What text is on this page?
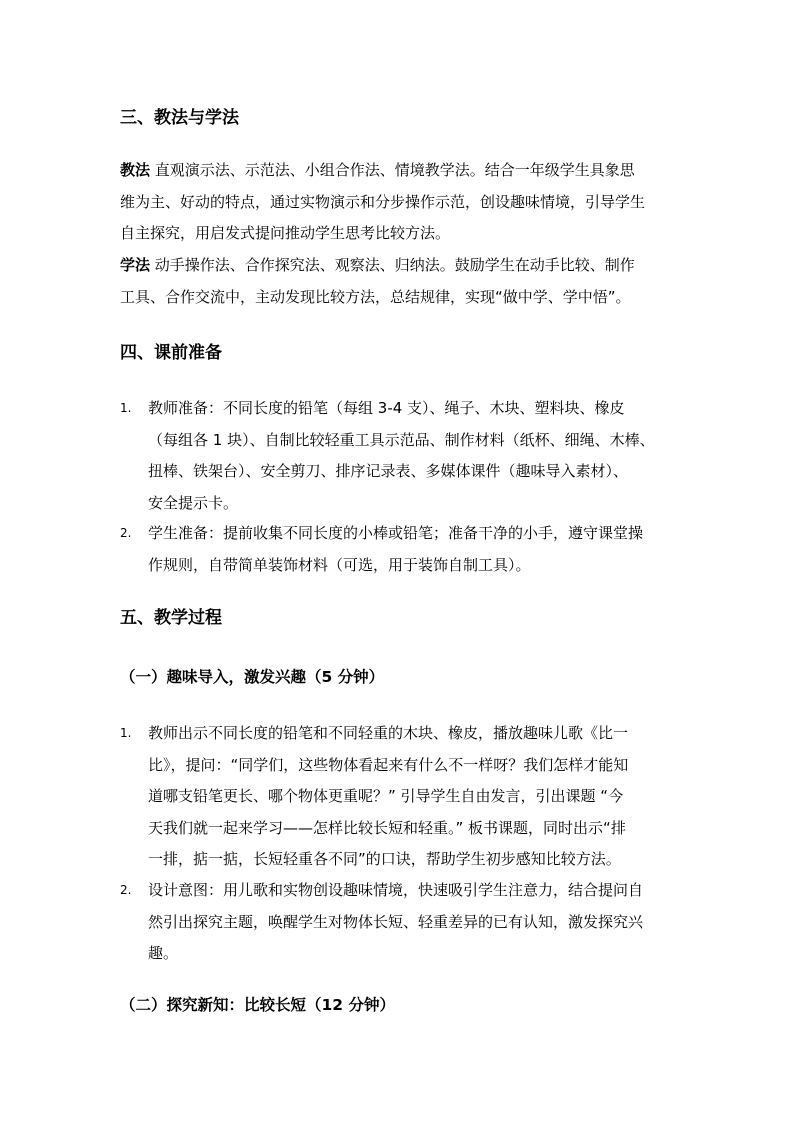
三、教法与学法
教法 直观演示法、示范法、小组合作法、情境教学法。结合一年级学生具象思
维为主、好动的特点，通过实物演示和分步操作示范，创设趣味情境，引导学生
自主探究，用启发式提问推动学生思考比较方法。
学法 动手操作法、合作探究法、观察法、归纳法。鼓励学生在动手比较、制作
工具、合作交流中，主动发现比较方法，总结规律，实现“做中学、学中悟”。
四、课前准备
1.	教师准备：不同长度的铅笔（每组 3-4 支）、绳子、木块、塑料块、橡皮
（每组各 1 块）、自制比较轻重工具示范品、制作材料（纸杯、细绳、木棒、
扭棒、铁架台）、安全剪刀、排序记录表、多媒体课件（趣味导入素材）、
安全提示卡。
2.	学生准备：提前收集不同长度的小棒或铅笔；准备干净的小手，遵守课堂操
作规则，自带简单装饰材料（可选，用于装饰自制工具）。
五、教学过程
（一）趣味导入，激发兴趣（5 分钟）
1.	教师出示不同长度的铅笔和不同轻重的木块、橡皮，播放趣味儿歌《比一
比》，提问：“同学们，这些物体看起来有什么不一样呀？我们怎样才能知
道哪支铅笔更长、哪个物体更重呢？” 引导学生自由发言，引出课题 “今
天我们就一起来学习——怎样比较长短和轻重。” 板书课题，同时出示“排
一排，掂一掂，长短轻重各不同”的口诀，帮助学生初步感知比较方法。
2.	设计意图：用儿歌和实物创设趣味情境，快速吸引学生注意力，结合提问自
然引出探究主题，唤醒学生对物体长短、轻重差异的已有认知，激发探究兴
趣。
（二）探究新知：比较长短（12 分钟）
